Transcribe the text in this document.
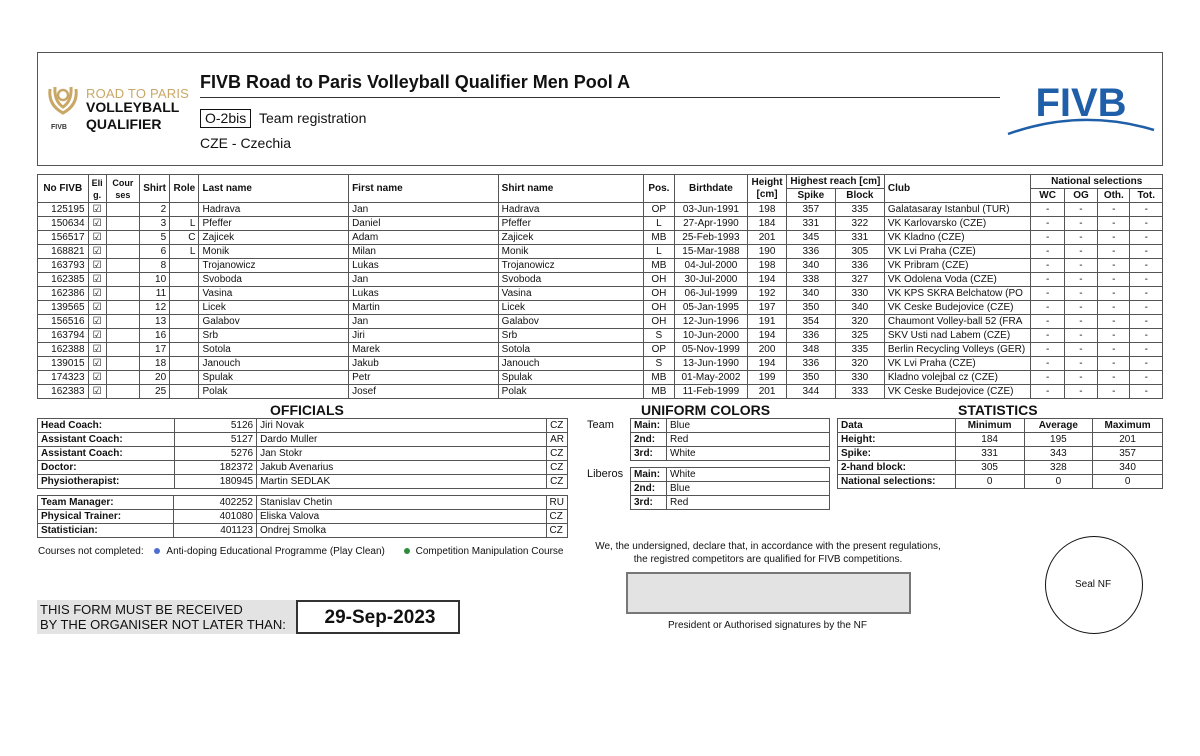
ROAD TO PARIS
VOLLEYBALL
QUALIFIER
FIVB
FIVB Road to Paris Volleyball Qualifier Men Pool A
O-2bis Team registration
CZE - Czechia
FIVB
No FIVB	Eli g.	Cour ses	Shirt	Role	Last name	First name	Shirt name	Pos.	Birthdate	Height [cm]	Highest reach [cm]		Club	National selections			
											Spike	Block		WC	OG	Oth.	Tot.
125195	☑		2		Hadrava	Jan	Hadrava	OP	03-Jun-1991	198	357	335	Galatasaray Istanbul (TUR)	-	-	-	-
150634	☑		3	L	Pfeffer	Daniel	Pfeffer	L	27-Apr-1990	184	331	322	VK Karlovarsko (CZE)	-	-	-	-
156517	☑		5	C	Zajicek	Adam	Zajicek	MB	25-Feb-1993	201	345	331	VK Kladno (CZE)	-	-	-	-
168821	☑		6	L	Monik	Milan	Monik	L	15-Mar-1988	190	336	305	VK Lvi Praha (CZE)	-	-	-	-
163793	☑		8		Trojanowicz	Lukas	Trojanowicz	MB	04-Jul-2000	198	340	336	VK Pribram (CZE)	-	-	-	-
162385	☑		10		Svoboda	Jan	Svoboda	OH	30-Jul-2000	194	338	327	VK Odolena Voda (CZE)	-	-	-	-
162386	☑		11		Vasina	Lukas	Vasina	OH	06-Jul-1999	192	340	330	VK KPS SKRA Belchatow (PO	-	-	-	-
139565	☑		12		Licek	Martin	Licek	OH	05-Jan-1995	197	350	340	VK Ceske Budejovice (CZE)	-	-	-	-
156516	☑		13		Galabov	Jan	Galabov	OH	12-Jun-1996	191	354	320	Chaumont Volley-ball 52 (FRA	-	-	-	-
163794	☑		16		Srb	Jiri	Srb	S	10-Jun-2000	194	336	325	SKV Usti nad Labem (CZE)	-	-	-	-
162388	☑		17		Sotola	Marek	Sotola	OP	05-Nov-1999	200	348	335	Berlin Recycling Volleys (GER)	-	-	-	-
139015	☑		18		Janouch	Jakub	Janouch	S	13-Jun-1990	194	336	320	VK Lvi Praha (CZE)	-	-	-	-
174323	☑		20		Spulak	Petr	Spulak	MB	01-May-2002	199	350	330	Kladno volejbal cz (CZE)	-	-	-	-
162383	☑		25		Polak	Josef	Polak	MB	11-Feb-1999	201	344	333	VK Ceske Budejovice (CZE)	-	-	-	-
OFFICIALS
Head Coach:	5126	Jiri Novak	CZ
Assistant Coach:	5127	Dardo Muller	AR
Assistant Coach:	5276	Jan Stokr	CZ
Doctor:	182372	Jakub Avenarius	CZ
Physiotherapist:	180945	Martin SEDLAK	CZ
Team Manager:	402252	Stanislav Chetin	RU
Physical Trainer:	401080	Eliska Valova	CZ
Statistician:	401123	Ondrej Smolka	CZ
UNIFORM COLORS
Team Main:	Blue
2nd:	Red
3rd:	White
Liberos Main:	White
2nd:	Blue
3rd:	Red
STATISTICS
Data	Minimum	Average	Maximum
Height:	184	195	201
Spike:	331	343	357
2-hand block:	305	328	340
National selections:	0	0	0
Courses not completed: Anti-doping Educational Programme (Play Clean)	Competition Manipulation Course	We, the undersigned, declare that, in accordance with the present regulations,
the registred competitors are qualified for FIVB competitions.
President or Authorised signatures by the NF
Seal NF
THIS FORM MUST BE RECEIVED
BY THE ORGANISER NOT LATER THAN:	29-Sep-2023
